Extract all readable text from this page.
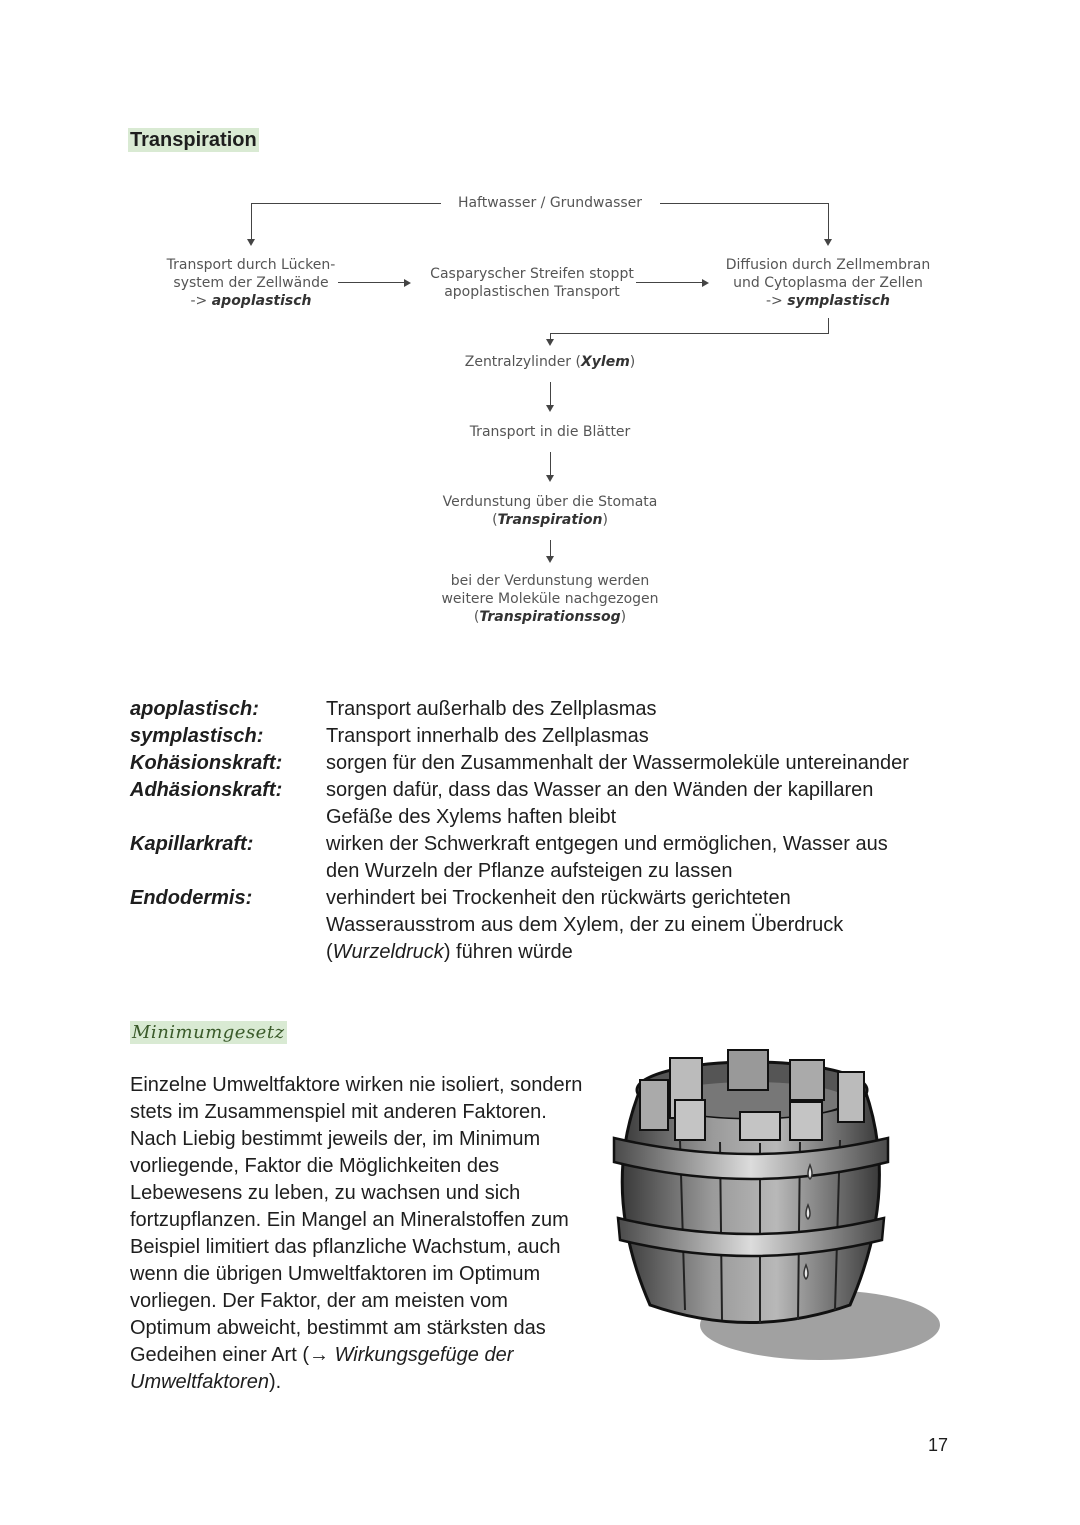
Transpiration
Haftwasser / Grundwasser
Transport durch Lücken-
system der Zellwände
-> apoplastisch
Casparyscher Streifen stoppt
apoplastischen Transport
Diffusion durch Zellmembran
und Cytoplasma der Zellen
-> symplastisch
Zentralzylinder (Xylem)
Transport in die Blätter
Verdunstung über die Stomata
(Transpiration)
bei der Verdunstung werden
weitere Moleküle nachgezogen
(Transpirationssog)
apoplastisch:	Transport außerhalb des Zellplasmas
symplastisch:	Transport innerhalb des Zellplasmas
Kohäsionskraft: sorgen für den Zusammenhalt der Wassermoleküle untereinander
Adhäsionskraft: sorgen dafür, dass das Wasser an den Wänden der kapillaren Gefäße des Xylems haften bleibt
Kapillarkraft:	wirken der Schwerkraft entgegen und ermöglichen, Wasser aus den Wurzeln der Pflanze aufsteigen zu lassen
Endodermis:	verhindert bei Trockenheit den rückwärts gerichteten Wasserausstrom aus dem Xylem, der zu einem Überdruck (Wurzeldruck) führen würde
Minimumgesetz
Einzelne Umweltfaktore wirken nie isoliert, sondern stets im Zusammenspiel mit anderen Faktoren. Nach Liebig bestimmt jeweils der, im Minimum vorliegende, Faktor die Möglichkeiten des Lebewesens zu leben, zu wachsen und sich fortzupflanzen. Ein Mangel an Mineralstoffen zum Beispiel limitiert das pflanzliche Wachstum, auch wenn die übrigen Umweltfaktoren im Optimum vorliegen. Der Faktor, der am meisten vom Optimum abweicht, bestimmt am stärksten das Gedeihen einer Art (→ Wirkungsgefüge der Umweltfaktoren).
17
